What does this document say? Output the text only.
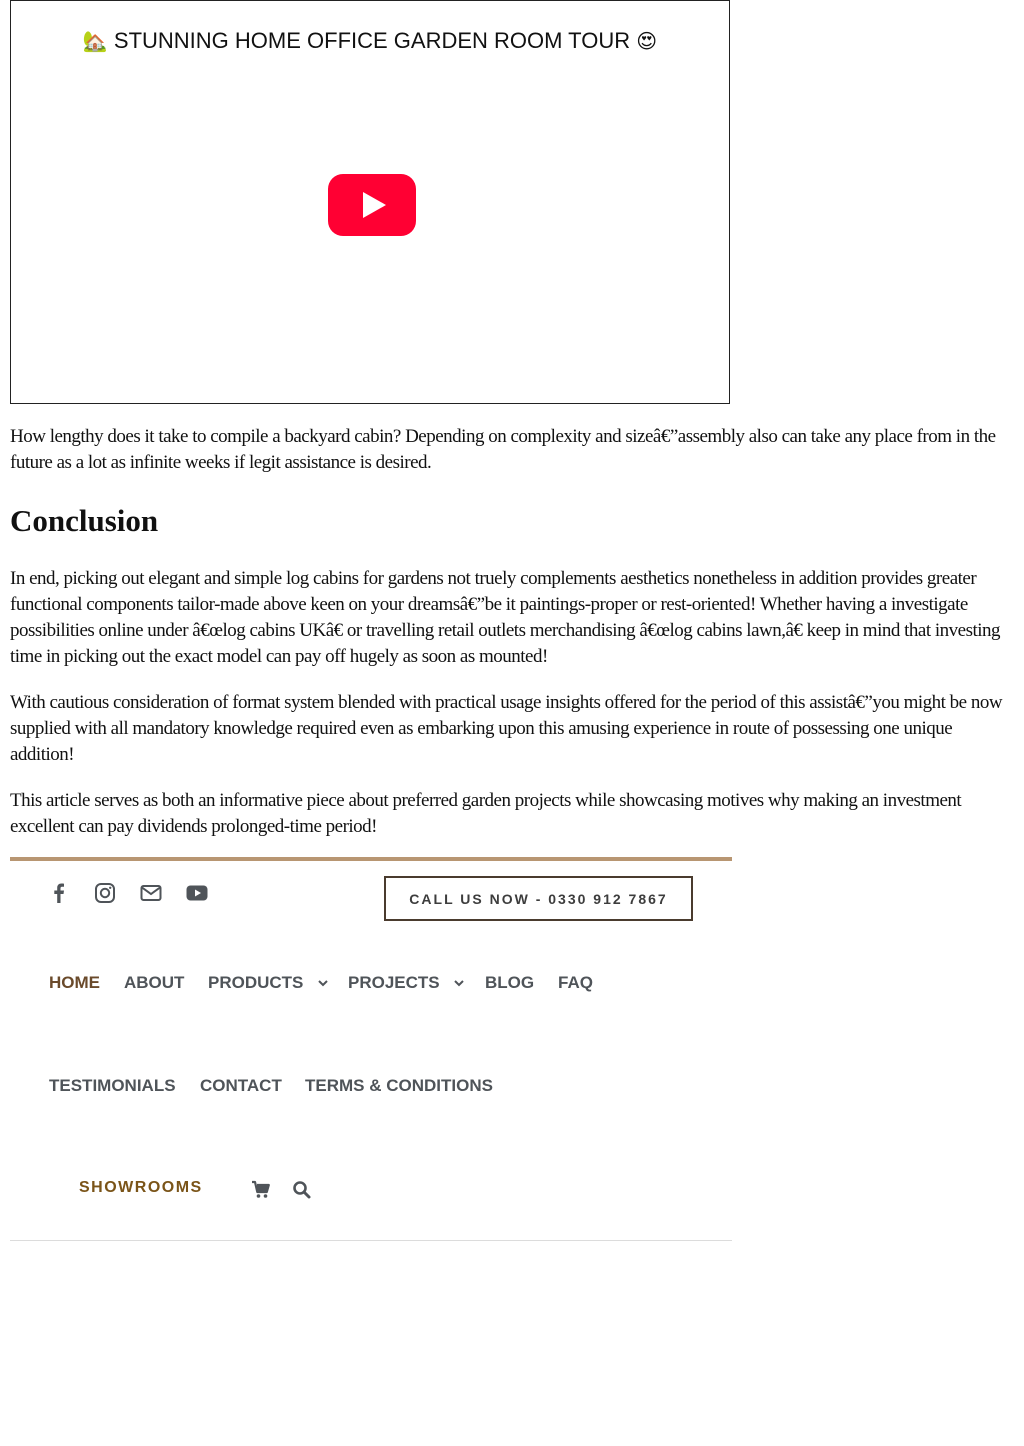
🏡 STUNNING HOME OFFICE GARDEN ROOM TOUR 😍

How lengthy does it take to compile a backyard cabin? Depending on complexity and sizeâ€”assembly also can take any place from in the future as a lot as infinite weeks if legit assistance is desired.

Conclusion

In end, picking out elegant and simple log cabins for gardens not truely complements aesthetics nonetheless in addition provides greater functional components tailor-made above keen on your dreamsâ€”be it paintings-proper or rest-oriented! Whether having a investigate possibilities online under â€œlog cabins UKâ€ or travelling retail outlets merchandising â€œlog cabins lawn,â€ keep in mind that investing time in picking out the exact model can pay off hugely as soon as mounted!

With cautious consideration of format system blended with practical usage insights offered for the period of this assistâ€”you might be now supplied with all mandatory knowledge required even as embarking upon this amusing experience in route of possessing one unique addition!

This article serves as both an informative piece about preferred garden projects while showcasing motives why making an investment excellent can pay dividends prolonged-time period!

CALL US NOW - 0330 912 7867
HOME ABOUT PRODUCTS	PROJECTS	BLOG FAQ
TESTIMONIALS CONTACT TERMS & CONDITIONS
SHOWROOMS
